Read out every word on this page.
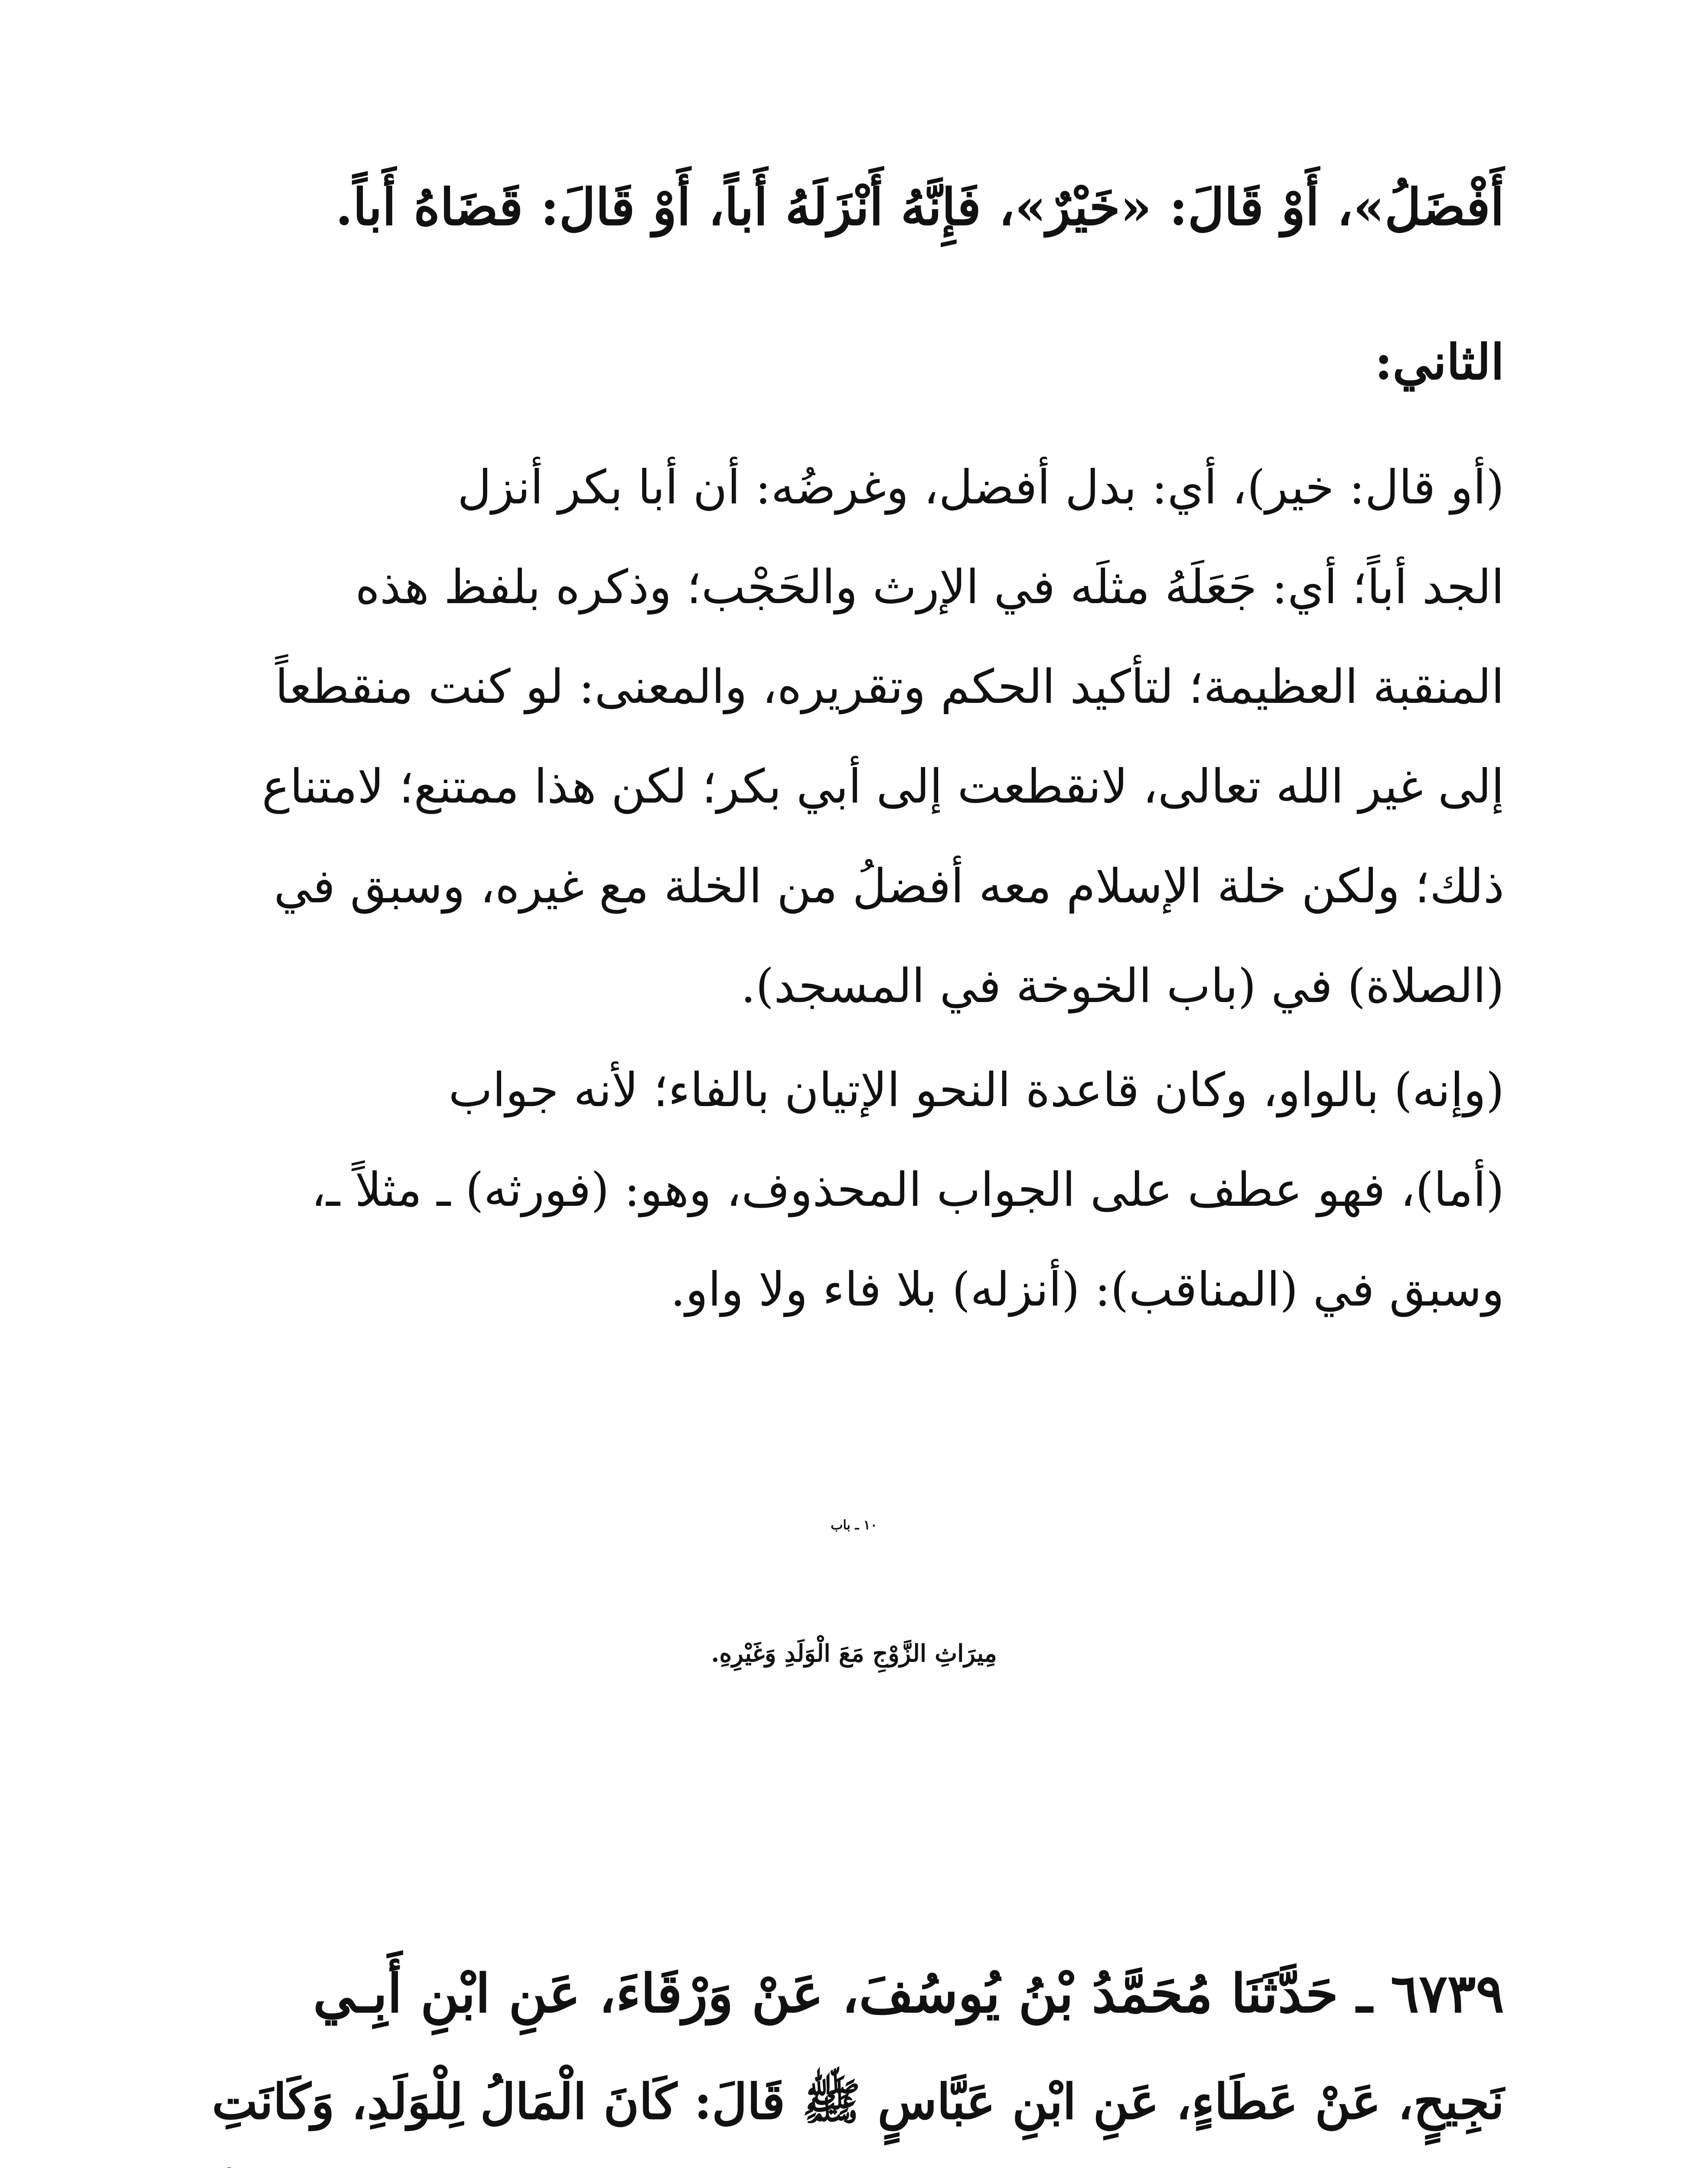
أَفْضَلُ»، أَوْ قَالَ: «خَيْرٌ»، فَإِنَّهُ أَنْزَلَهُ أَباً، أَوْ قَالَ: قَضَاهُ أَباً.
الثاني:
(أو قال: خير)، أي: بدل أفضل، وغرضُه: أن أبا بكر أنزل
الجد أباً؛ أي: جَعَلَهُ مثلَه في الإرث والحَجْب؛ وذكره بلفظ هذه
المنقبة العظيمة؛ لتأكيد الحكم وتقريره، والمعنى: لو كنت منقطعاً
إلى غير الله تعالى، لانقطعت إلى أبي بكر؛ لكن هذا ممتنع؛ لامتناع
ذلك؛ ولكن خلة الإسلام معه أفضلُ من الخلة مع غيره، وسبق في
(الصلاة) في (باب الخوخة في المسجد).
(وإنه) بالواو، وكان قاعدة النحو الإتيان بالفاء؛ لأنه جواب
(أما)، فهو عطف على الجواب المحذوف، وهو: (فورثه) ـ مثلاً ـ،
وسبق في (المناقب): (أنزله) بلا فاء ولا واو.
١٠ ـ باب
مِيرَاثِ الزَّوْجِ مَعَ الْوَلَدِ وَغَيْرِهِ.
٦٧٣٩ ـ حَدَّثَنَا مُحَمَّدُ بْنُ يُوسُفَ، عَنْ وَرْقَاءَ، عَنِ ابْنِ أَبِـي
نَجِيحٍ، عَنْ عَطَاءٍ، عَنِ ابْنِ عَبَّاسٍ ﷺ قَالَ: كَانَ الْمَالُ لِلْوَلَدِ، وَكَانَتِ
